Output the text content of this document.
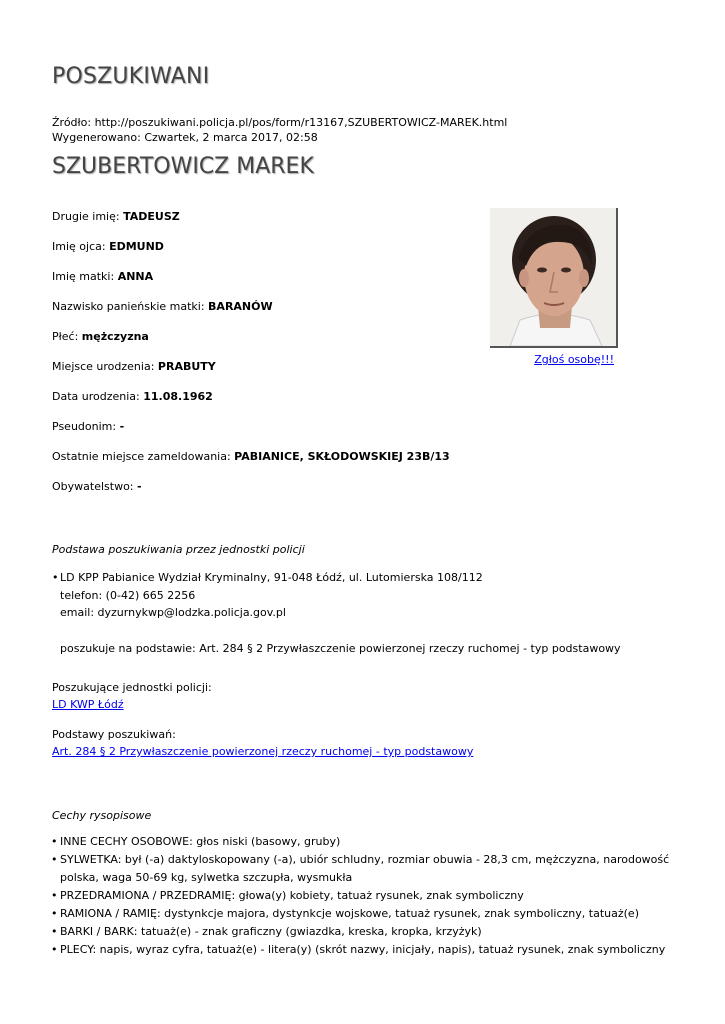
POSZUKIWANI
Źródło: http://poszukiwani.policja.pl/pos/form/r13167,SZUBERTOWICZ-MAREK.html
Wygenerowano: Czwartek, 2 marca 2017, 02:58
SZUBERTOWICZ MAREK
Drugie imię: TADEUSZ
Imię ojca: EDMUND
Imię matki: ANNA
Nazwisko panieńskie matki: BARANÓW
Płeć: mężczyzna
Miejsce urodzenia: PRABUTY
Data urodzenia: 11.08.1962
Pseudonim: -
Ostatnie miejsce zameldowania: PABIANICE, SKŁODOWSKIEJ 23B/13
Obywatelstwo: -
Zgłoś osobę!!!
Podstawa poszukiwania przez jednostki policji
• LD KPP Pabianice Wydział Kryminalny, 91-048 Łódź, ul. Lutomierska 108/112
telefon: (0-42) 665 2256
email: dyzurnykwp@lodzka.policja.gov.pl
poszukuje na podstawie: Art. 284 § 2 Przywłaszczenie powierzonej rzeczy ruchomej - typ podstawowy
Poszukujące jednostki policji:
LD KWP Łódź
Podstawy poszukiwań:
Art. 284 § 2 Przywłaszczenie powierzonej rzeczy ruchomej - typ podstawowy
Cechy rysopisowe
• INNE CECHY OSOBOWE: głos niski (basowy, gruby)
• SYLWETKA: był (-a) daktyloskopowany (-a), ubiór schludny, rozmiar obuwia - 28,3 cm, mężczyzna, narodowość polska, waga 50-69 kg, sylwetka szczupła, wysmukła
• PRZEDRAMIONA / PRZEDRAMIĘ: głowa(y) kobiety, tatuaż rysunek, znak symboliczny
• RAMIONA / RAMIĘ: dystynkcje majora, dystynkcje wojskowe, tatuaż rysunek, znak symboliczny, tatuaż(e)
• BARKI / BARK: tatuaż(e) - znak graficzny (gwiazdka, kreska, kropka, krzyżyk)
• PLECY: napis, wyraz cyfra, tatuaż(e) - litera(y) (skrót nazwy, inicjały, napis), tatuaż rysunek, znak symboliczny
